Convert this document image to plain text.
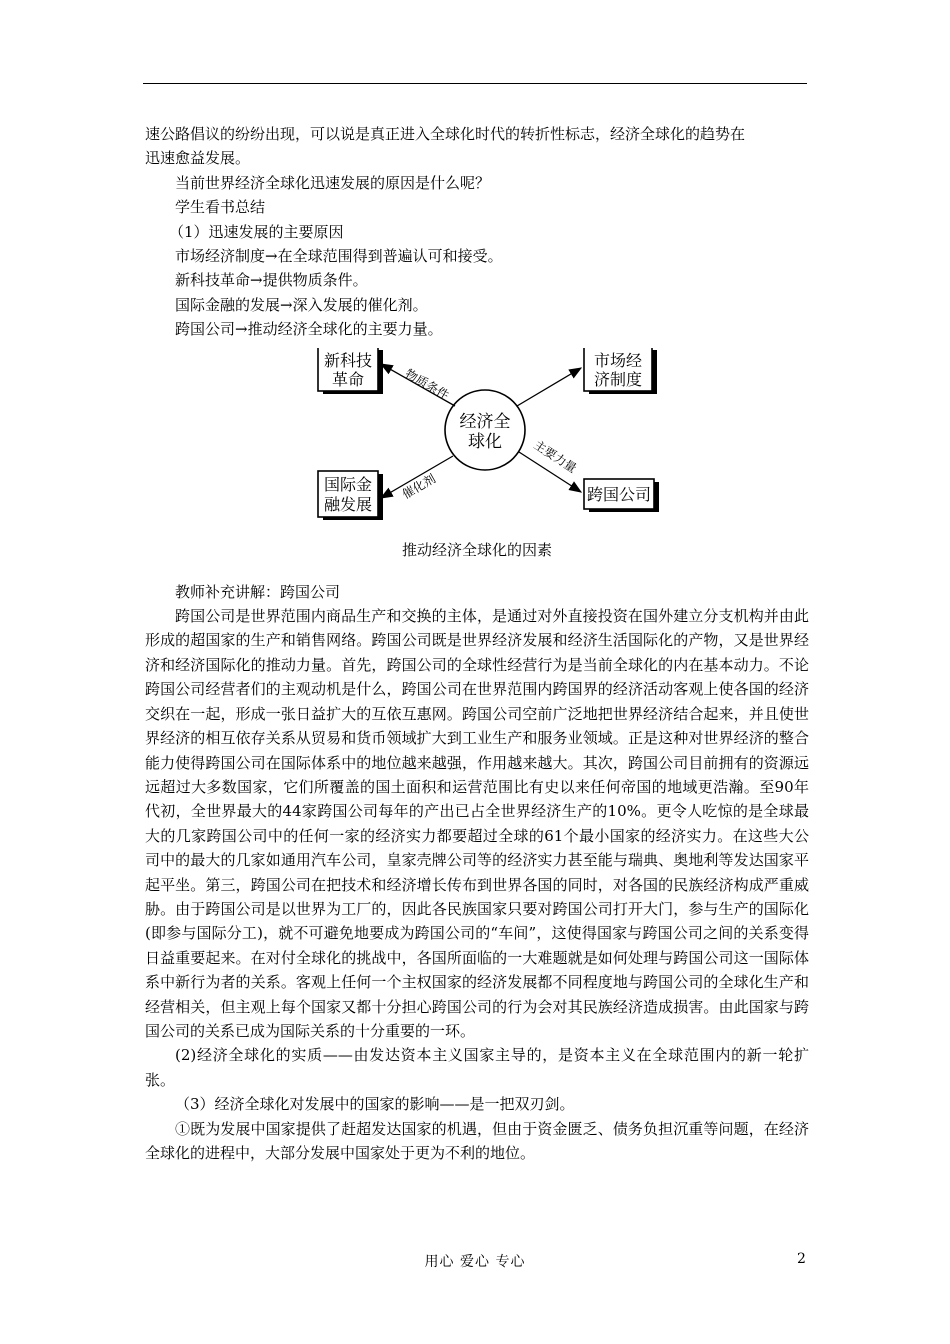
速公路倡议的纷纷出现，可以说是真正进入全球化时代的转折性标志，经济全球化的趋势在

迅速愈益发展。

当前世界经济全球化迅速发展的原因是什么呢？

学生看书总结

（1）迅速发展的主要原因

市场经济制度→在全球范围得到普遍认可和接受。

新科技革命→提供物质条件。

国际金融的发展→深入发展的催化剂。

跨国公司→推动经济全球化的主要力量。

新科技
革命
市场经
济制度
国际金
融发展
跨国公司
经济全
球化
物质条件
催化剂
主要力量
推动经济全球化的因素

教师补充讲解：跨国公司

跨国公司是世界范围内商品生产和交换的主体，是通过对外直接投资在国外建立分支机构并由此形成的超国家的生产和销售网络。跨国公司既是世界经济发展和经济生活国际化的产物，又是世界经济和经济国际化的推动力量。首先，跨国公司的全球性经营行为是当前全球化的内在基本动力。不论跨国公司经营者们的主观动机是什么，跨国公司在世界范围内跨国界的经济活动客观上使各国的经济交织在一起，形成一张日益扩大的互依互惠网。跨国公司空前广泛地把世界经济结合起来，并且使世界经济的相互依存关系从贸易和货币领域扩大到工业生产和服务业领域。正是这种对世界经济的整合能力使得跨国公司在国际体系中的地位越来越强，作用越来越大。其次，跨国公司目前拥有的资源远远超过大多数国家，它们所覆盖的国土面积和运营范围比有史以来任何帝国的地域更浩瀚。至90年代初，全世界最大的44家跨国公司每年的产出已占全世界经济生产的10%。更令人吃惊的是全球最大的几家跨国公司中的任何一家的经济实力都要超过全球的61个最小国家的经济实力。在这些大公司中的最大的几家如通用汽车公司，皇家壳牌公司等的经济实力甚至能与瑞典、奥地利等发达国家平起平坐。第三，跨国公司在把技术和经济增长传布到世界各国的同时，对各国的民族经济构成严重威胁。由于跨国公司是以世界为工厂的，因此各民族国家只要对跨国公司打开大门，参与生产的国际化(即参与国际分工)，就不可避免地要成为跨国公司的“车间”，这使得国家与跨国公司之间的关系变得日益重要起来。在对付全球化的挑战中，各国所面临的一大难题就是如何处理与跨国公司这一国际体系中新行为者的关系。客观上任何一个主权国家的经济发展都不同程度地与跨国公司的全球化生产和经营相关，但主观上每个国家又都十分担心跨国公司的行为会对其民族经济造成损害。由此国家与跨国公司的关系已成为国际关系的十分重要的一环。

(2)经济全球化的实质——由发达资本主义国家主导的，是资本主义在全球范围内的新一轮扩张。

（3）经济全球化对发展中的国家的影响——是一把双刃剑。

①既为发展中国家提供了赶超发达国家的机遇，但由于资金匮乏、债务负担沉重等问题，在经济全球化的进程中，大部分发展中国家处于更为不利的地位。

用心 爱心 专心	2
